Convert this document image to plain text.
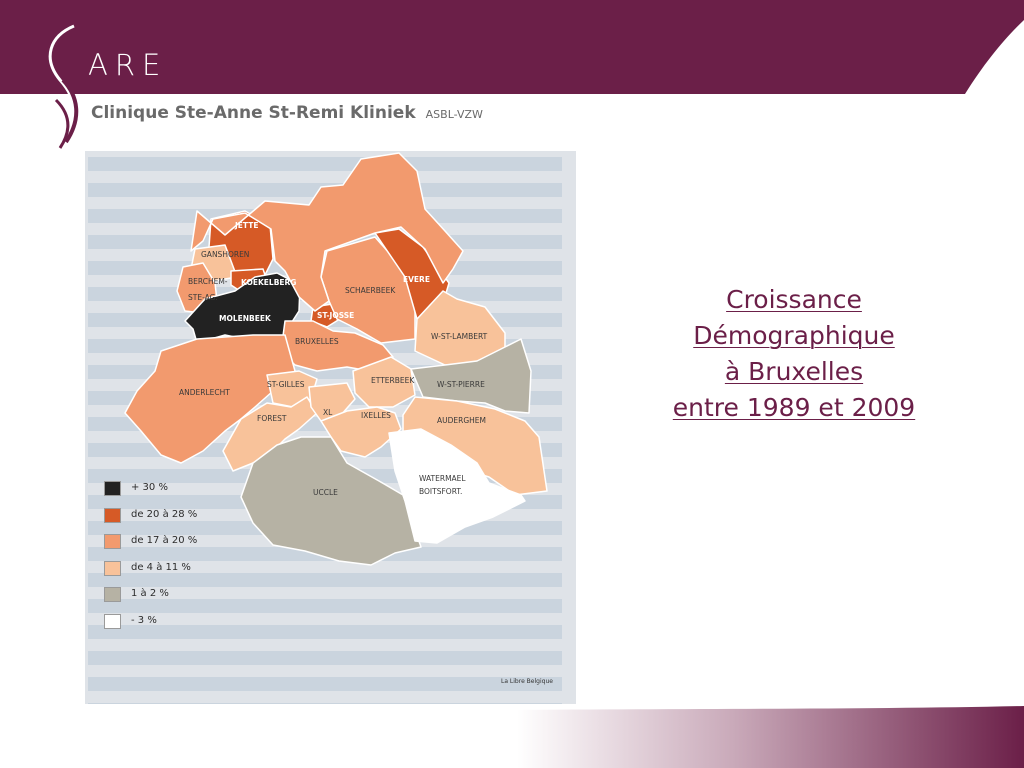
ARE
Clinique Ste-Anne St-Remi Kliniek ASBL-VZW
JETTE
GANSHOREN
BERCHEM-
STE-AG.
KOEKELBERG
MOLENBEEK	ST-JOSSE
SCHAERBEEK
EVERE
BRUXELLES
W-ST-LAMBERT
ANDERLECHT
ST-GILLES	ETTERBEEK	W-ST-PIERRE
FOREST
XL	IXELLES
AUDERGHEM
UCCLE
WATERMAEL
BOITSFORT.
+ 30 %
de 20 à 28 %
de 17 à 20 %
de 4 à 11 %
1 à 2 %
- 3 %
La Libre Belgique
Croissance
Démographique
à Bruxelles
entre 1989 et 2009
